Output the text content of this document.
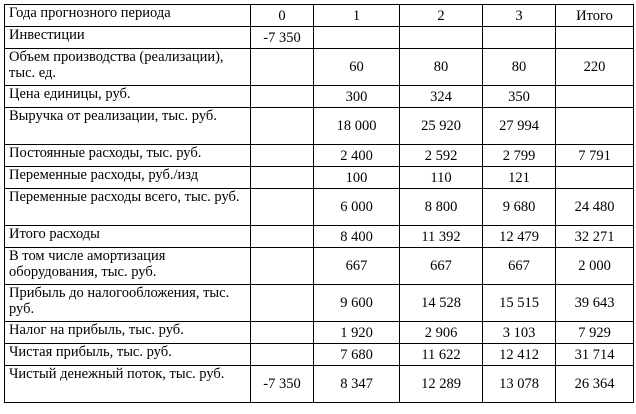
Года прогнозного периода	0	1	2	3	Итого
Инвестиции	-7 350				
Объем производства (реализации), тыс. ед.		60	80	80	220
Цена единицы, руб.		300	324	350	
Выручка от реализации, тыс. руб.		18 000	25 920	27 994	
Постоянные расходы, тыс. руб.		2 400	2 592	2 799	7 791
Переменные расходы, руб./изд		100	110	121	
Переменные расходы всего, тыс. руб.		6 000	8 800	9 680	24 480
Итого расходы		8 400	11 392	12 479	32 271
В том числе амортизация оборудования, тыс. руб.		667	667	667	2 000
Прибыль до налогообложения, тыс. руб.		9 600	14 528	15 515	39 643
Налог на прибыль, тыс. руб.		1 920	2 906	3 103	7 929
Чистая прибыль, тыс. руб.		7 680	11 622	12 412	31 714
Чистый денежный поток, тыс. руб.	-7 350	8 347	12 289	13 078	26 364
